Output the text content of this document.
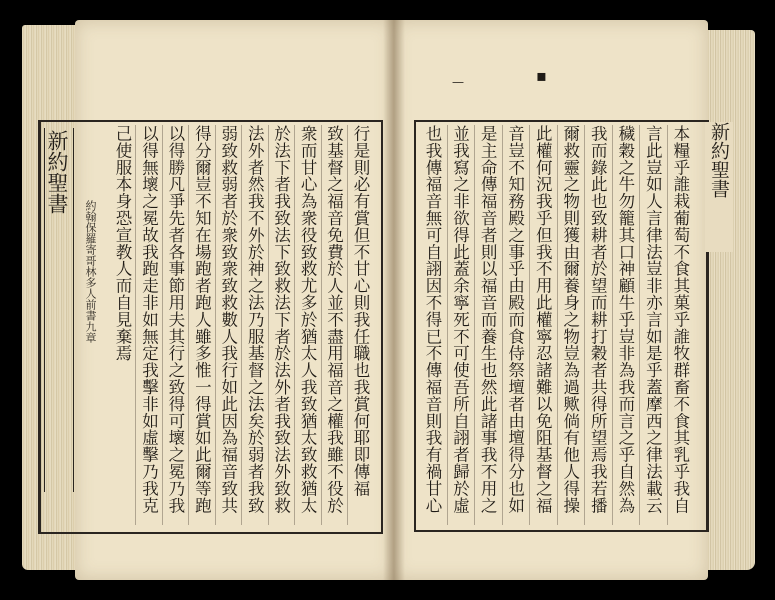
新約聖書
約翰保羅寄哥林多人前書九章	行是則必有賞但不甘心則我任職也我賞何耶即傳福
致基督之福音免費於人並不盡用福音之權我雖不役於
衆而甘心為衆役致救尤多於猶太人我致猶太致救猶太
於法下者我致法下致救法下者於法外者我致法外致救
法外者然我不外於神之法乃服基督之法矣於弱者我致
弱致救弱者於衆致衆致救數人我行如此因為福音致共
得分爾豈不知在場跑者跑人雖多惟一得賞如此爾等跑
以得勝凡爭先者各事節用夫其行之致得可壞之冕乃我
以得無壞之冕故我跑走非如無定我擊非如虛擊乃我克
己使服本身恐宣教人而自見棄焉	本糧乎誰栽葡萄不食其菓乎誰牧群畜不食其乳乎我自
言此豈如人言律法豈非亦言如是乎蓋摩西之律法載云
穢穀之牛勿籠其口神顧牛乎豈非為我而言之乎自然為
我而錄此也致耕者於望而耕打穀者共得所望焉我若播
爾救靈之物則獲由爾養身之物豈為過歟倘有他人得操
此權何況我乎但我不用此權寧忍諸難以免阻基督之福
音豈不知務殿之事乎由殿而食侍祭壇者由壇得分也如
是主命傳福音者則以福音而養生也然此諸事我不用之
並我寫之非欲得此蓋余寧死不可使吾所自詡者歸於虛
也我傳福音無可自詡因不得已不傳福音則我有禍甘心	新約聖書
▪
—
